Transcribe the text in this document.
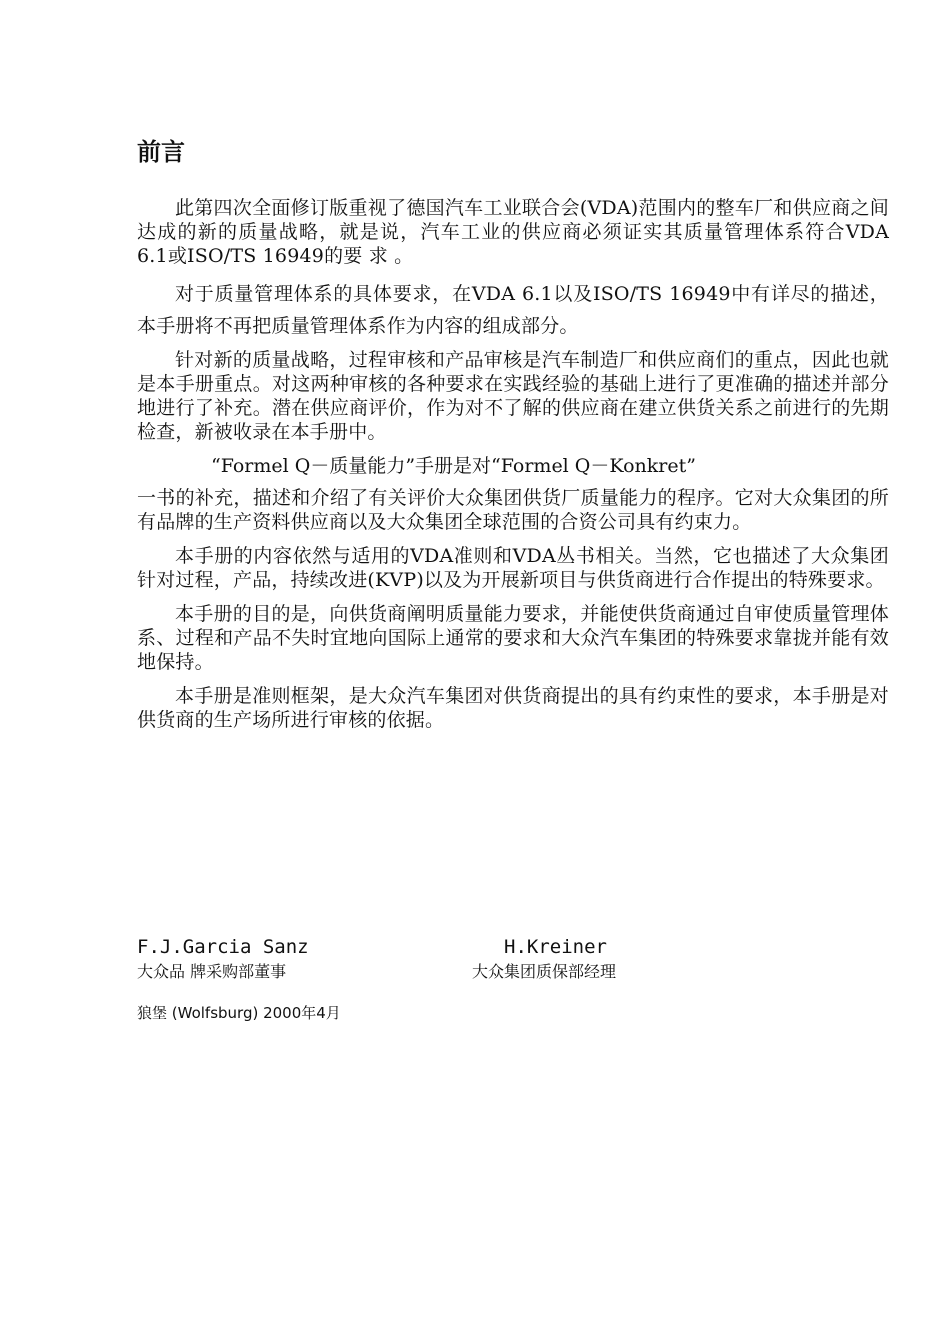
前言

此第四次全面修订版重视了德国汽车工业联合会(VDA)范围内的整车厂和供应商之间达成的新的质量战略，就是说，汽车工业的供应商必须证实其质量管理体系符合VDA 6.1或ISO/TS 16949的要 求 。

对于质量管理体系的具体要求，在VDA 6.1以及ISO/TS 16949中有详尽的描述，本手册将不再把质量管理体系作为内容的组成部分。

针对新的质量战略，过程审核和产品审核是汽车制造厂和供应商们的重点，因此也就是本手册重点。对这两种审核的各种要求在实践经验的基础上进行了更准确的描述并部分地进行了补充。潜在供应商评价，作为对不了解的供应商在建立供货关系之前进行的先期检查，新被收录在本手册中。

“Formel Q－质量能力”手册是对“Formel Q－Konkret”

一书的补充，描述和介绍了有关评价大众集团供货厂质量能力的程序。它对大众集团的所有品牌的生产资料供应商以及大众集团全球范围的合资公司具有约束力。

本手册的内容依然与适用的VDA准则和VDA丛书相关。当然，它也描述了大众集团针对过程，产品，持续改进(KVP)以及为开展新项目与供货商进行合作提出的特殊要求。

本手册的目的是，向供货商阐明质量能力要求，并能使供货商通过自审使质量管理体系、过程和产品不失时宜地向国际上通常的要求和大众汽车集团的特殊要求靠拢并能有效地保持。

本手册是准则框架，是大众汽车集团对供货商提出的具有约束性的要求，本手册是对供货商的生产场所进行审核的依据。

F.J.Garcia Sanz
大众品 牌采购部董事
H.Kreiner
大众集团质保部经理
狼堡 (Wolfsburg) 2000年4月
